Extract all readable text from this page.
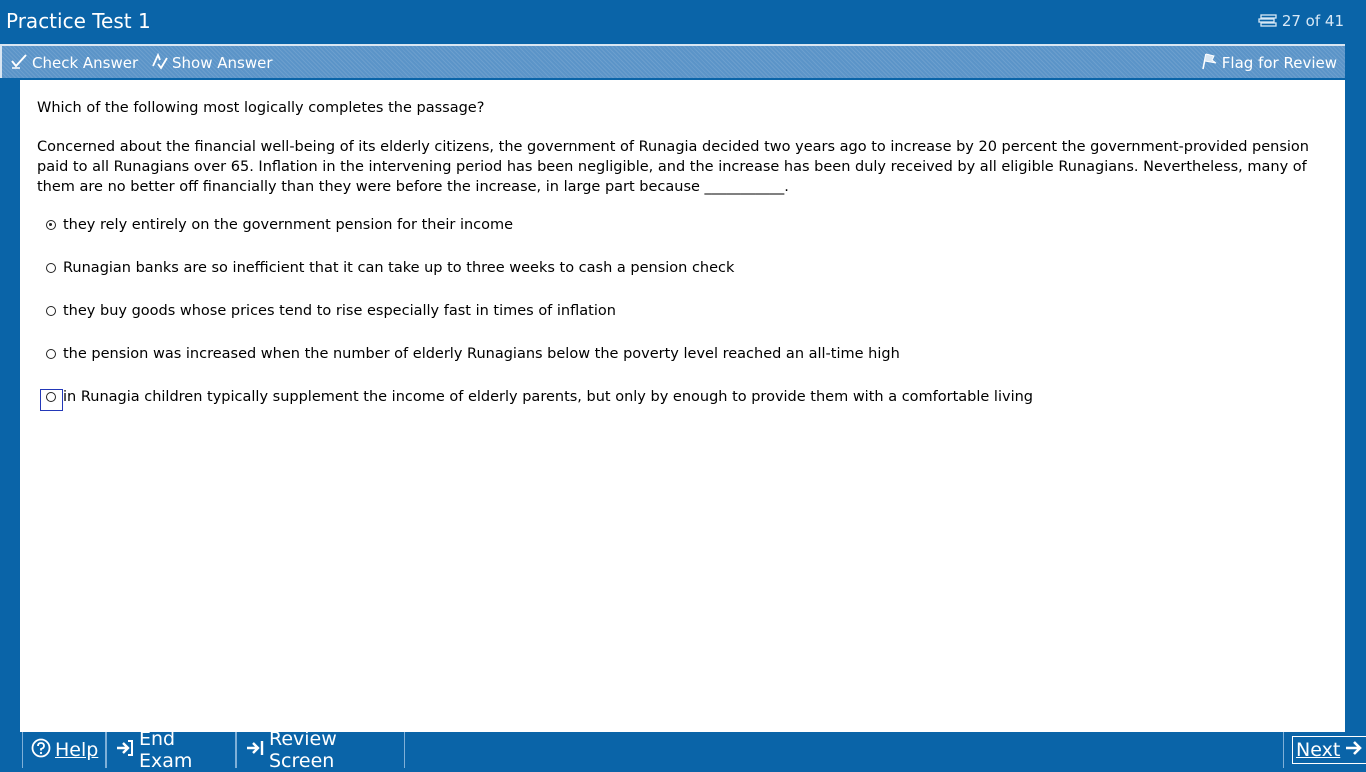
Practice Test 1	27 of 41
Check Answer Show Answer	Flag for Review

Which of the following most logically completes the passage?

Concerned about the financial well-being of its elderly citizens, the government of Runagia decided two years ago to increase by 20 percent the government-provided pension paid to all Runagians over 65. Inflation in the intervening period has been negligible, and the increase has been duly received by all eligible Runagians. Nevertheless, many of them are no better off financially than they were before the increase, in large part because ___________.

they rely entirely on the government pension for their income
Runagian banks are so inefficient that it can take up to three weeks to cash a pension check
they buy goods whose prices tend to rise especially fast in times of inflation
the pension was increased when the number of elderly Runagians below the poverty level reached an all-time high
in Runagia children typically supplement the income of elderly parents, but only by enough to provide them with a comfortable living
Help End Exam
Review Screen	Next
